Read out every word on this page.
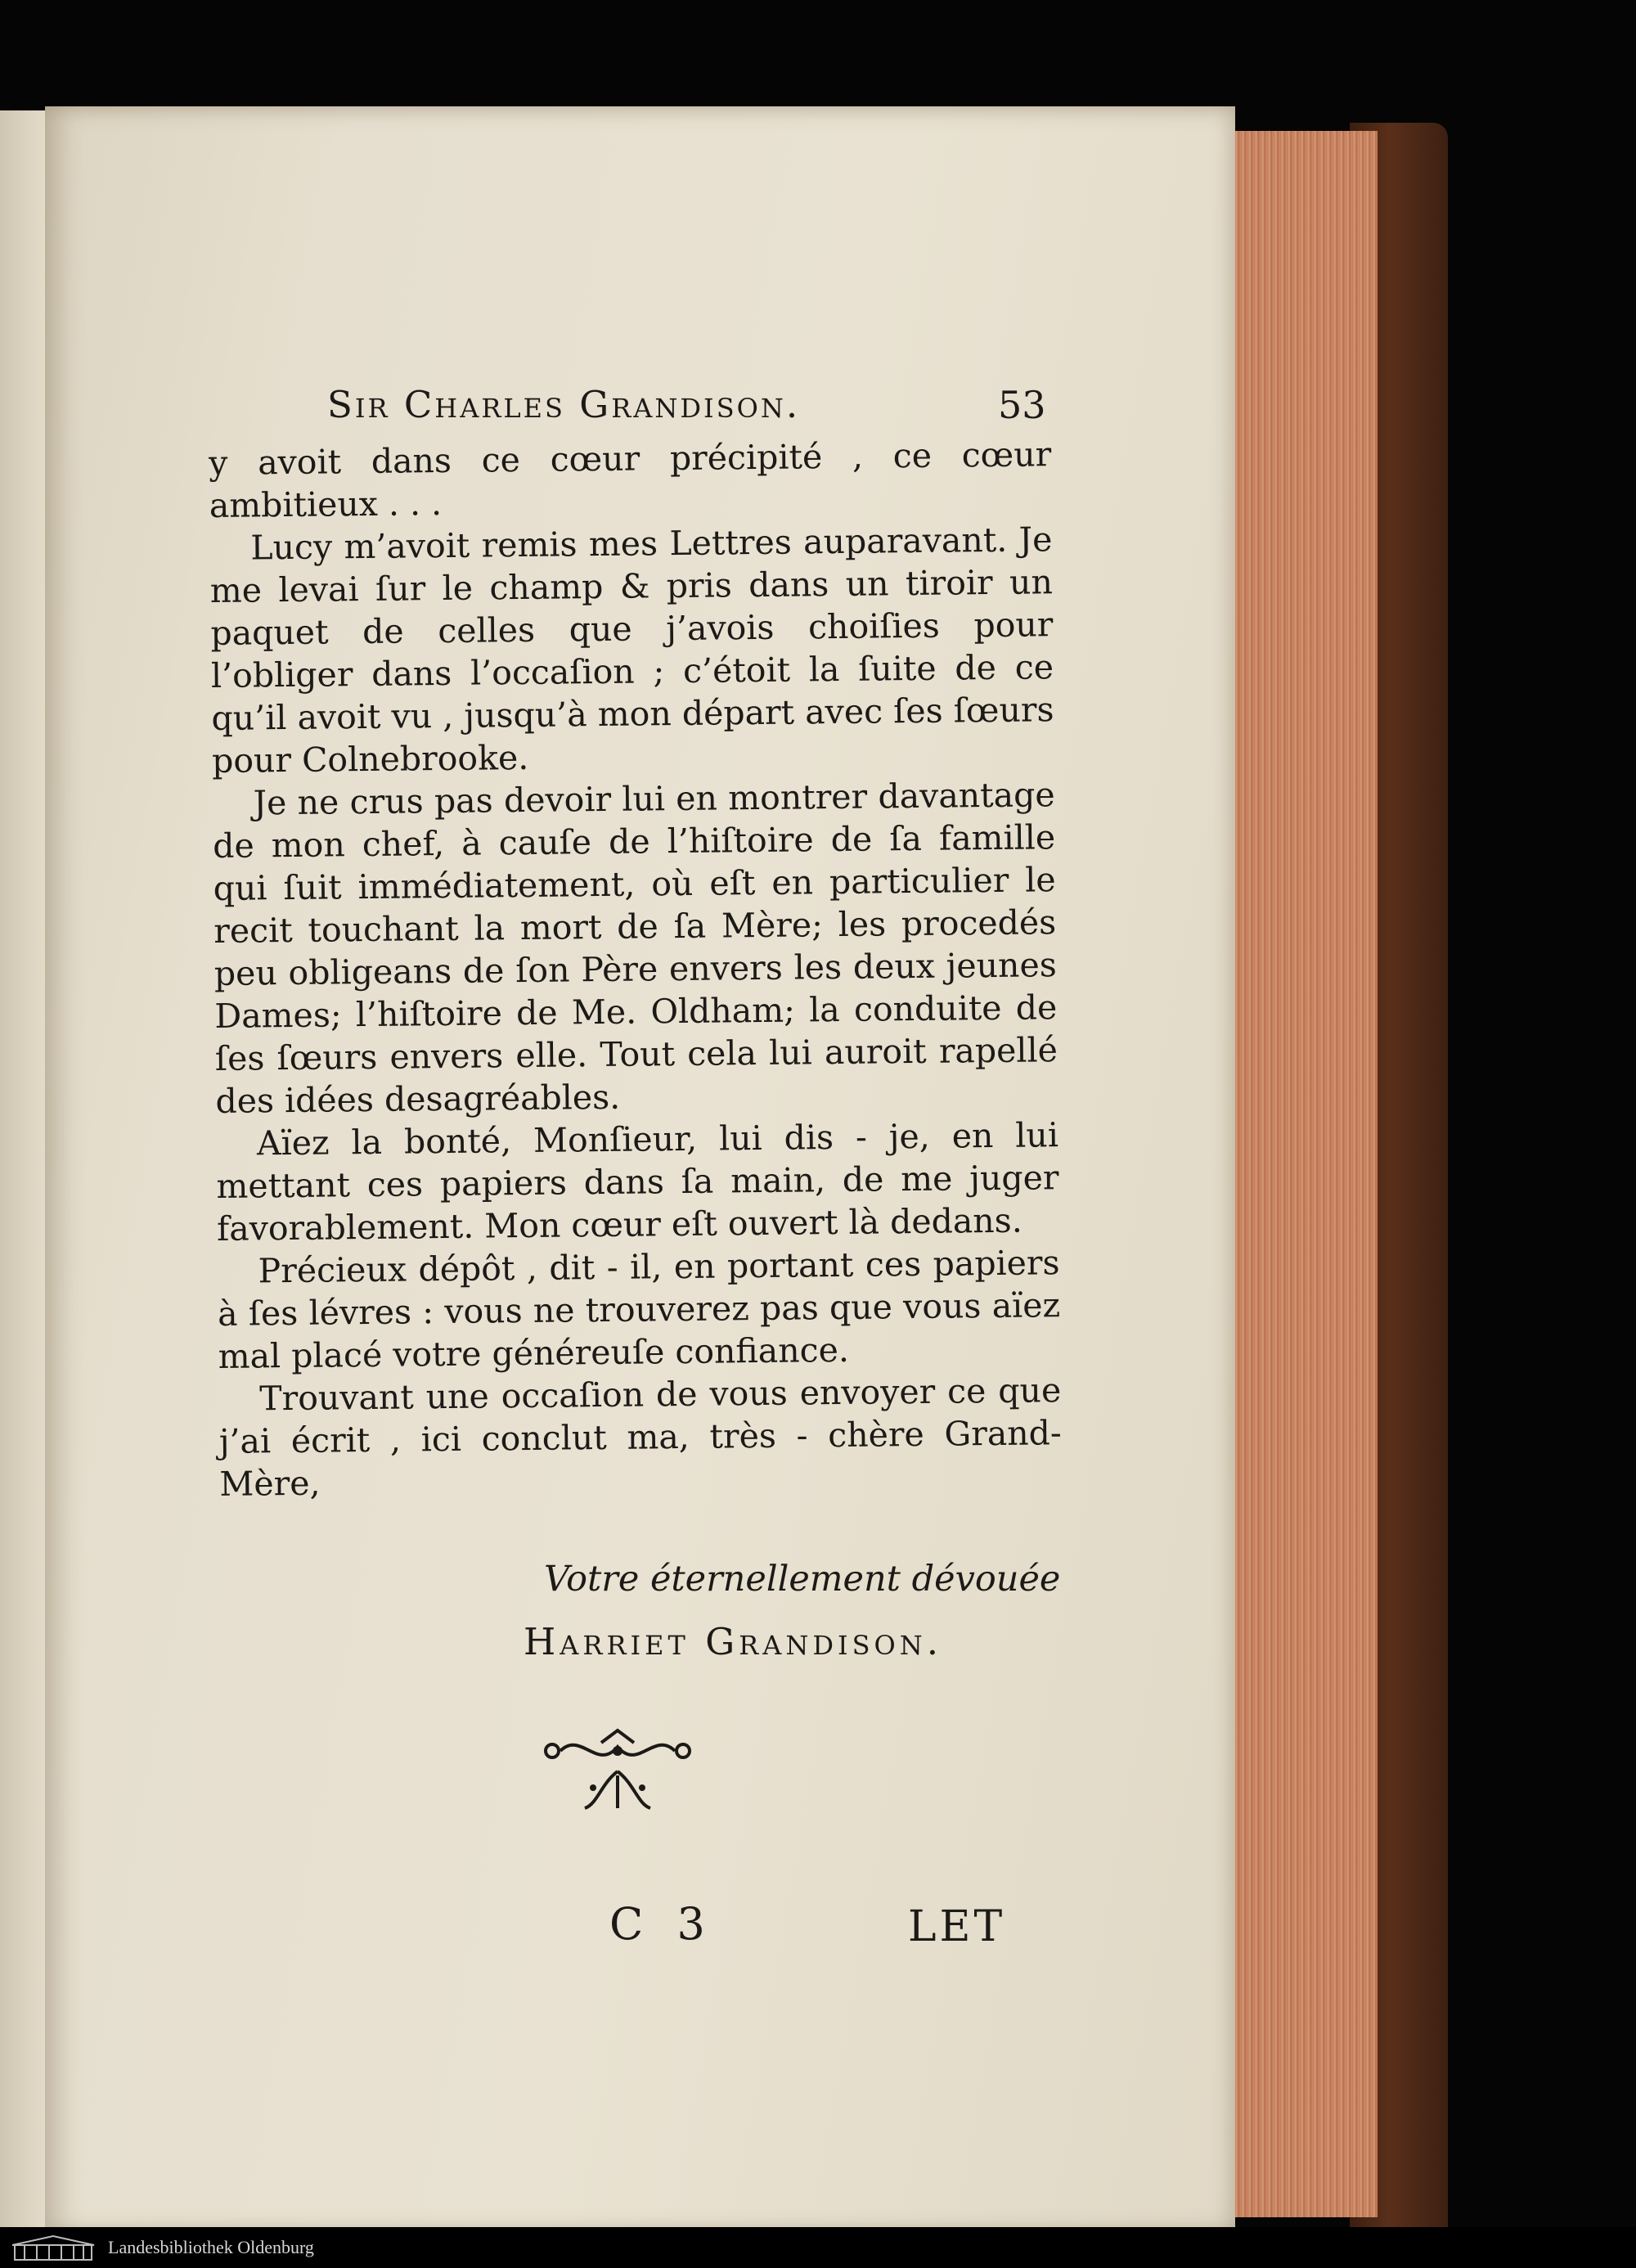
Sir Charles Grandison.	53

y avoit dans ce cœur précipité , ce cœur ambitieux . . .

Lucy m’avoit remis mes Lettres auparavant. Je me levai ſur le champ & pris dans un tiroir un paquet de celles que j’avois choiſies pour l’obliger dans l’occaſion ; c’étoit la ſuite de ce qu’il avoit vu , jusqu’à mon départ avec ſes ſœurs pour Colnebrooke.

Je ne crus pas devoir lui en montrer davantage de mon chef, à cauſe de l’hiſtoire de ſa famille qui ſuit immédiatement, où eſt en particulier le recit touchant la mort de ſa Mère; les procedés peu obligeans de ſon Père envers les deux jeunes Dames; l’hiſtoire de Me. Oldham; la conduite de ſes ſœurs envers elle. Tout cela lui auroit rapellé des idées desagréables.

Aïez la bonté, Monſieur, lui dis - je, en lui mettant ces papiers dans ſa main, de me juger favorablement. Mon cœur eſt ouvert là dedans.

Précieux dépôt , dit - il, en portant ces papiers à ſes lévres : vous ne trouverez pas que vous aïez mal placé votre généreuſe confiance.

Trouvant une occaſion de vous envoyer ce que j’ai écrit , ici conclut ma, très - chère Grand-Mère,

Votre éternellement dévouée
Harriet Grandison.
C 3	LET
Landesbibliothek Oldenburg
